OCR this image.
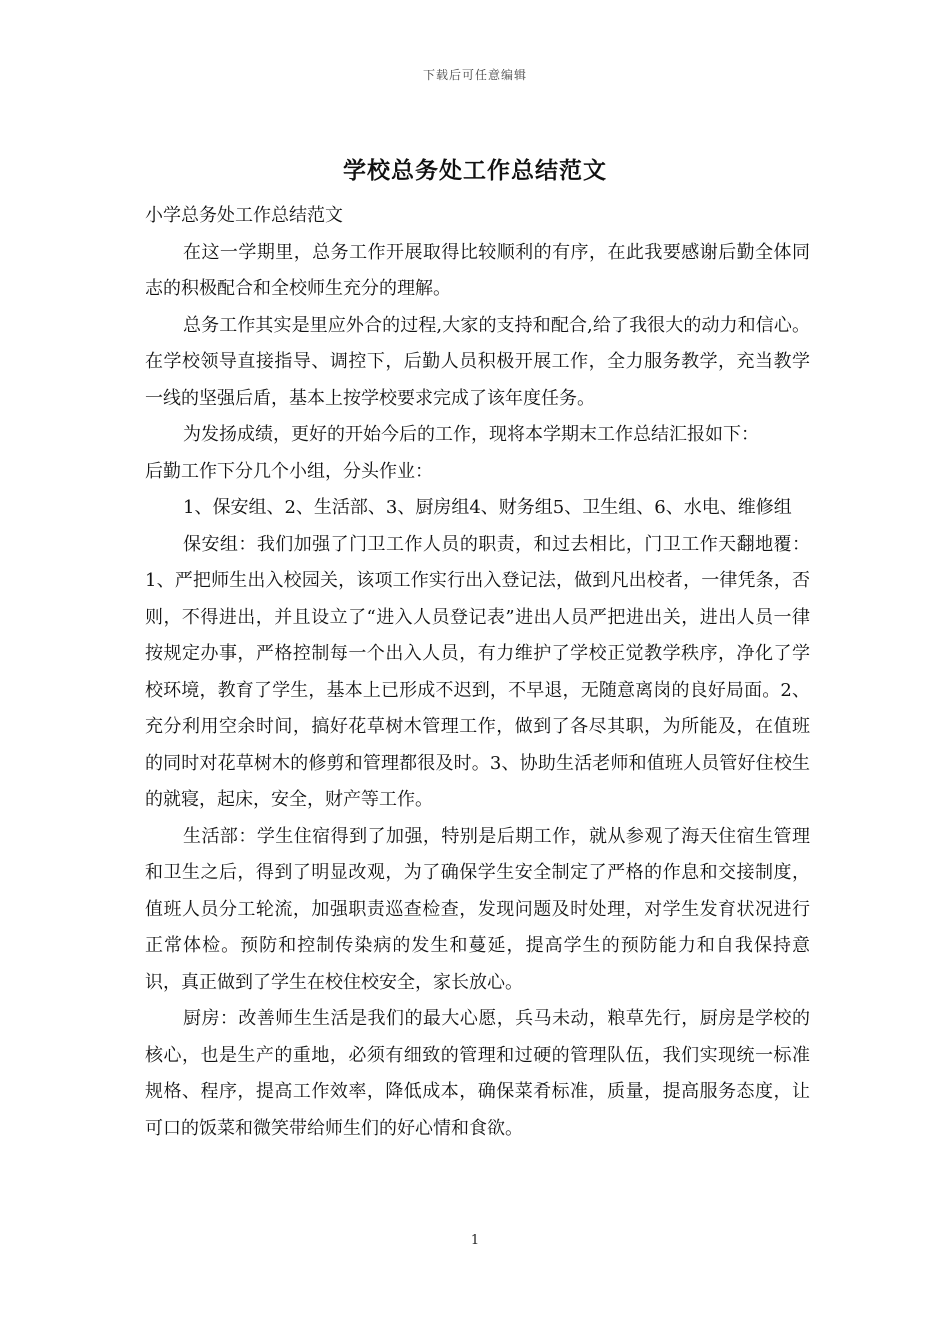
下载后可任意编辑
学校总务处工作总结范文

小学总务处工作总结范文

在这一学期里，总务工作开展取得比较顺利的有序，在此我要感谢后勤全体同志的积极配合和全校师生充分的理解。

总务工作其实是里应外合的过程,大家的支持和配合,给了我很大的动力和信心。在学校领导直接指导、调控下，后勤人员积极开展工作，全力服务教学，充当教学一线的坚强后盾，基本上按学校要求完成了该年度任务。

为发扬成绩，更好的开始今后的工作，现将本学期末工作总结汇报如下：

后勤工作下分几个小组，分头作业：

1、保安组、2、生活部、3、厨房组4、财务组5、卫生组、6、水电、维修组

保安组：我们加强了门卫工作人员的职责，和过去相比，门卫工作天翻地覆：1、严把师生出入校园关，该项工作实行出入登记法，做到凡出校者，一律凭条，否则，不得进出，并且设立了“进入人员登记表”进出人员严把进出关，进出人员一律按规定办事，严格控制每一个出入人员，有力维护了学校正觉教学秩序，净化了学校环境，教育了学生，基本上已形成不迟到，不早退，无随意离岗的良好局面。2、充分利用空余时间，搞好花草树木管理工作，做到了各尽其职，为所能及，在值班的同时对花草树木的修剪和管理都很及时。3、协助生活老师和值班人员管好住校生的就寝，起床，安全，财产等工作。

生活部：学生住宿得到了加强，特别是后期工作，就从参观了海天住宿生管理和卫生之后，得到了明显改观，为了确保学生安全制定了严格的作息和交接制度，值班人员分工轮流，加强职责巡查检查，发现问题及时处理，对学生发育状况进行正常体检。预防和控制传染病的发生和蔓延，提高学生的预防能力和自我保持意识，真正做到了学生在校住校安全，家长放心。

厨房：改善师生生活是我们的最大心愿，兵马未动，粮草先行，厨房是学校的核心，也是生产的重地，必须有细致的管理和过硬的管理队伍，我们实现统一标准规格、程序，提高工作效率，降低成本，确保菜肴标准，质量，提高服务态度，让可口的饭菜和微笑带给师生们的好心情和食欲。

1
